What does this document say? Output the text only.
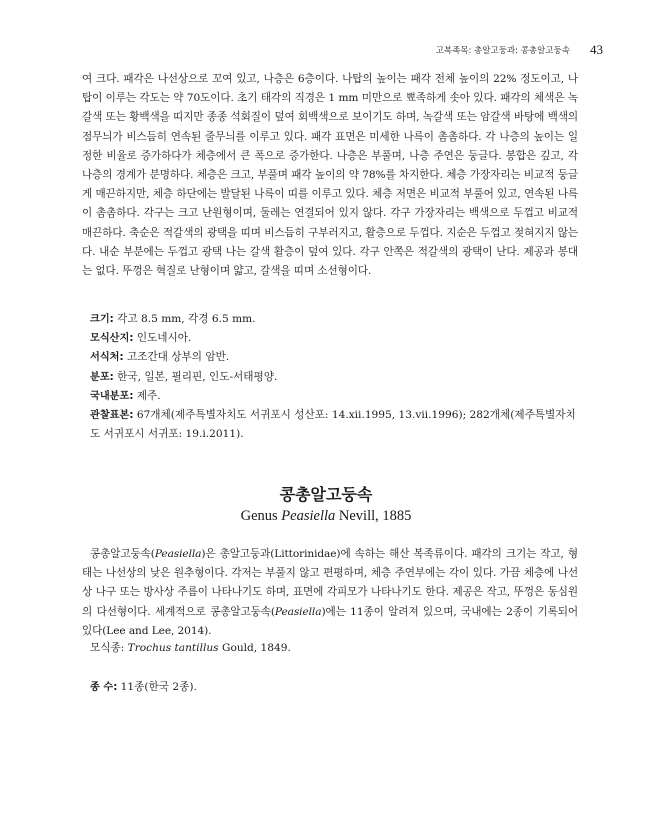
고복족목: 총알고둥과: 콩총알고둥속 43
여 크다. 패각은 나선상으로 꼬여 있고, 나층은 6층이다. 나탑의 높이는 패각 전체 높이의 22% 정도이고, 나탑이 이루는 각도는 약 70도이다. 초기 태각의 직경은 1 mm 미만으로 뾰족하게 솟아 있다. 패각의 체색은 녹갈색 또는 황백색을 띠지만 종종 석회질이 덮여 회백색으로 보이기도 하며, 녹갈색 또는 암갈색 바탕에 백색의 점무늬가 비스듬히 연속된 줄무늬를 이루고 있다. 패각 표면은 미세한 나륵이 촘촘하다. 각 나층의 높이는 일정한 비율로 증가하다가 체층에서 큰 폭으로 증가한다. 나층은 부풀며, 나층 주연은 둥글다. 봉합은 깊고, 각 나층의 경계가 분명하다. 체층은 크고, 부풀며 패각 높이의 약 78%를 차지한다. 체층 가장자리는 비교적 둥글게 매끈하지만, 체층 하단에는 발달된 나륵이 띠를 이루고 있다. 체층 저면은 비교적 부풀어 있고, 연속된 나륵이 촘촘하다. 각구는 크고 난원형이며, 둘레는 연결되어 있지 않다. 각구 가장자리는 백색으로 두껍고 비교적 매끈하다. 축순은 적갈색의 광택을 띠며 비스듬히 구부러지고, 활층으로 두껍다. 지순은 두껍고 젖혀지지 않는다. 내순 부분에는 두껍고 광택 나는 갈색 활층이 덮여 있다. 각구 안쪽은 적갈색의 광택이 난다. 제공과 봉대는 없다. 뚜껑은 혁질로 난형이며 얇고, 갈색을 띠며 소선형이다.

크기: 각고 8.5 mm, 각경 6.5 mm.

모식산지: 인도네시아.

서식처: 고조간대 상부의 암반.

분포: 한국, 일본, 필리핀, 인도-서태평양.

국내분포: 제주.

관찰표본: 67개체(제주특별자치도 서귀포시 성산포: 14.xii.1995, 13.vii.1996); 282개체(제주특별자치도 서귀포시 서귀포: 19.i.2011).

콩총알고둥속
Genus Peasiella Nevill, 1885
콩총알고둥속(Peasiella)은 총알고둥과(Littorinidae)에 속하는 해산 복족류이다. 패각의 크기는 작고, 형태는 나선상의 낮은 원추형이다. 각저는 부풀지 않고 편평하며, 체층 주연부에는 각이 있다. 가끔 체층에 나선상 나구 또는 방사상 주름이 나타나기도 하며, 표면에 각피모가 나타나기도 한다. 제공은 작고, 뚜껑은 동심원의 다선형이다. 세계적으로 콩총알고둥속(Peasiella)에는 11종이 알려져 있으며, 국내에는 2종이 기록되어 있다(Lee and Lee, 2014).
모식종: Trochus tantillus Gould, 1849.
종 수: 11종(한국 2종).
